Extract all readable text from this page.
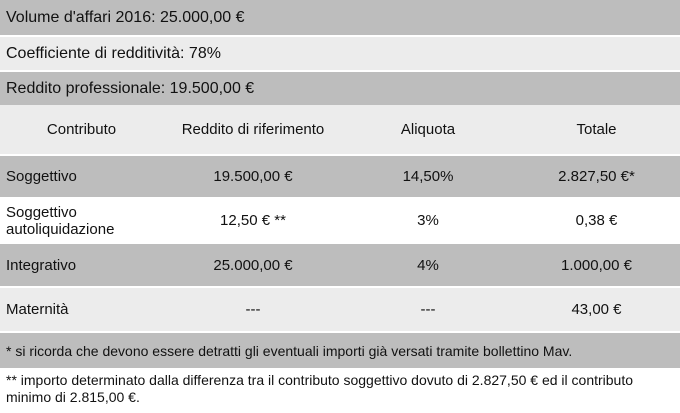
Volume d'affari 2016: 25.000,00 €
Coefficiente di redditività: 78%
Reddito professionale: 19.500,00 €
Contributo	Reddito di riferimento	Aliquota	Totale
Soggettivo	19.500,00 €	14,50%	2.827,50 €*
Soggettivo autoliquidazione	12,50 € **	3%	0,38 €
Integrativo	25.000,00 €	4%	1.000,00 €
Maternità	---	---	43,00 €
* si ricorda che devono essere detratti gli eventuali importi già versati tramite bollettino Mav.
** importo determinato dalla differenza tra il contributo soggettivo dovuto di 2.827,50 € ed il contributo minimo di 2.815,00 €.
